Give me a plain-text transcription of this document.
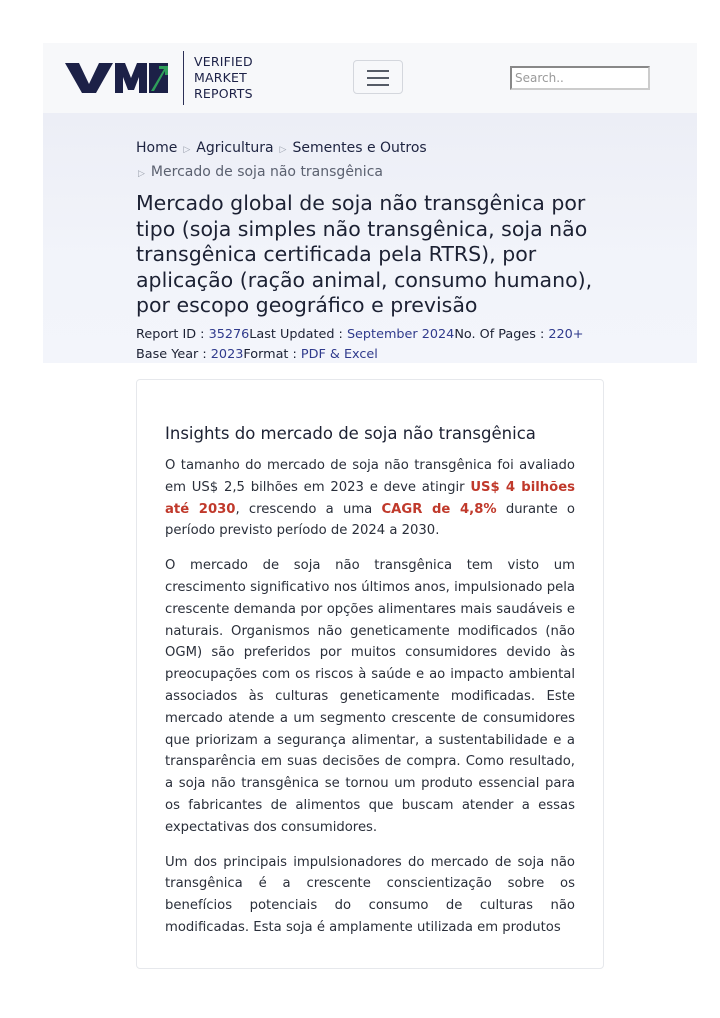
VERIFIED
MARKET
REPORTS
Search..
Home ▷ Agricultura ▷ Sementes e Outros
▷ Mercado de soja não transgênica
Mercado global de soja não transgênica por tipo (soja simples não transgênica, soja não transgênica certificada pela RTRS), por aplicação (ração animal, consumo humano), por escopo geográfico e previsão
Report ID : 35276Last Updated : September 2024No. Of Pages : 220+
Base Year : 2023Format : PDF & Excel
Insights do mercado de soja não transgênica

O tamanho do mercado de soja não transgênica foi avaliado em US$ 2,5 bilhões em 2023 e deve atingir US$ 4 bilhões até 2030, crescendo a uma CAGR de 4,8% durante o período previsto período de 2024 a 2030.

O mercado de soja não transgênica tem visto um crescimento significativo nos últimos anos, impulsionado pela crescente demanda por opções alimentares mais saudáveis e naturais. Organismos não geneticamente modificados (não OGM) são preferidos por muitos consumidores devido às preocupações com os riscos à saúde e ao impacto ambiental associados às culturas geneticamente modificadas. Este mercado atende a um segmento crescente de consumidores que priorizam a segurança alimentar, a sustentabilidade e a transparência em suas decisões de compra. Como resultado, a soja não transgênica se tornou um produto essencial para os fabricantes de alimentos que buscam atender a essas expectativas dos consumidores.

Um dos principais impulsionadores do mercado de soja não transgênica é a crescente conscientização sobre os benefícios potenciais do consumo de culturas não modificadas. Esta soja é amplamente utilizada em produtos
